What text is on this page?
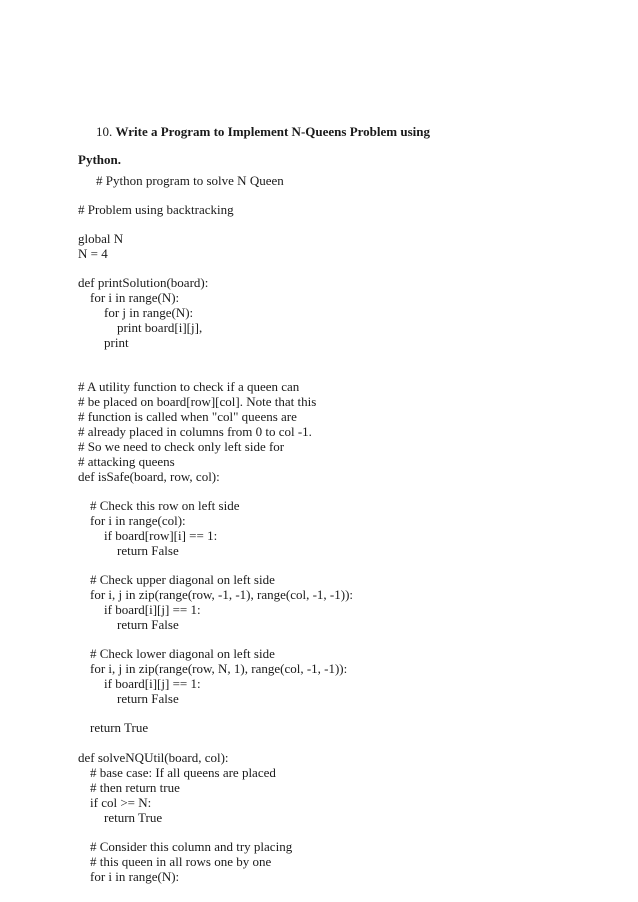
10. Write a Program to Implement N-Queens Problem using

Python.

# Python program to solve N Queen

# Problem using backtracking

global N

N = 4

def printSolution(board):

for i in range(N):

for j in range(N):

print board[i][j],

print

# A utility function to check if a queen can

# be placed on board[row][col]. Note that this

# function is called when "col" queens are

# already placed in columns from 0 to col -1.

# So we need to check only left side for

# attacking queens

def isSafe(board, row, col):

# Check this row on left side

for i in range(col):

if board[row][i] == 1:

return False

# Check upper diagonal on left side

for i, j in zip(range(row, -1, -1), range(col, -1, -1)):

if board[i][j] == 1:

return False

# Check lower diagonal on left side

for i, j in zip(range(row, N, 1), range(col, -1, -1)):

if board[i][j] == 1:

return False

return True

def solveNQUtil(board, col):

# base case: If all queens are placed

# then return true

if col >= N:

return True

# Consider this column and try placing

# this queen in all rows one by one

for i in range(N):
